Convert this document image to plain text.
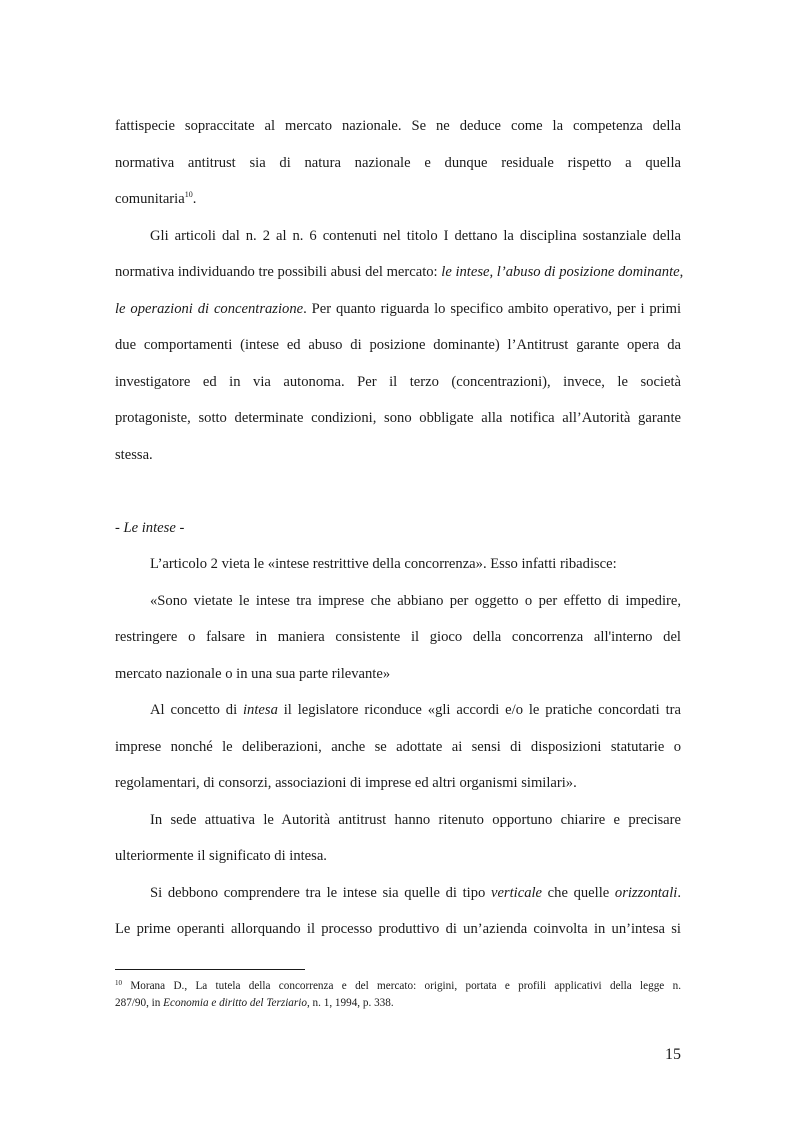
fattispecie sopraccitate al mercato nazionale. Se ne deduce come la competenza della
normativa antitrust sia di natura nazionale e dunque residuale rispetto a quella
comunitaria$^{10}$.
Gli articoli dal n. 2 al n. 6 contenuti nel titolo I dettano la disciplina sostanziale della
normativa individuando tre possibili abusi del mercato: le intese, l’abuso di posizione dominante,
le operazioni di concentrazione. Per quanto riguarda lo specifico ambito operativo, per i primi
due comportamenti (intese ed abuso di posizione dominante) l’Antitrust garante opera da
investigatore ed in via autonoma. Per il terzo (concentrazioni), invece, le società
protagoniste, sotto determinate condizioni, sono obbligate alla notifica all’Autorità garante
stessa.
- Le intese -
L’articolo 2 vieta le «intese restrittive della concorrenza». Esso infatti ribadisce:
«Sono vietate le intese tra imprese che abbiano per oggetto o per effetto di impedire,
restringere o falsare in maniera consistente il gioco della concorrenza all'interno del
mercato nazionale o in una sua parte rilevante»
Al concetto di intesa il legislatore riconduce «gli accordi e/o le pratiche concordati tra
imprese nonché le deliberazioni, anche se adottate ai sensi di disposizioni statutarie o
regolamentari, di consorzi, associazioni di imprese ed altri organismi similari».
In sede attuativa le Autorità antitrust hanno ritenuto opportuno chiarire e precisare
ulteriormente il significato di intesa.
Si debbono comprendere tra le intese sia quelle di tipo verticale che quelle orizzontali.
Le prime operanti allorquando il processo produttivo di un’azienda coinvolta in un’intesa si
$^{10}$ Morana D., La tutela della concorrenza e del mercato: origini, portata e profili applicativi della legge n.
287/90, in Economia e diritto del Terziario, n. 1, 1994, p. 338.
15
